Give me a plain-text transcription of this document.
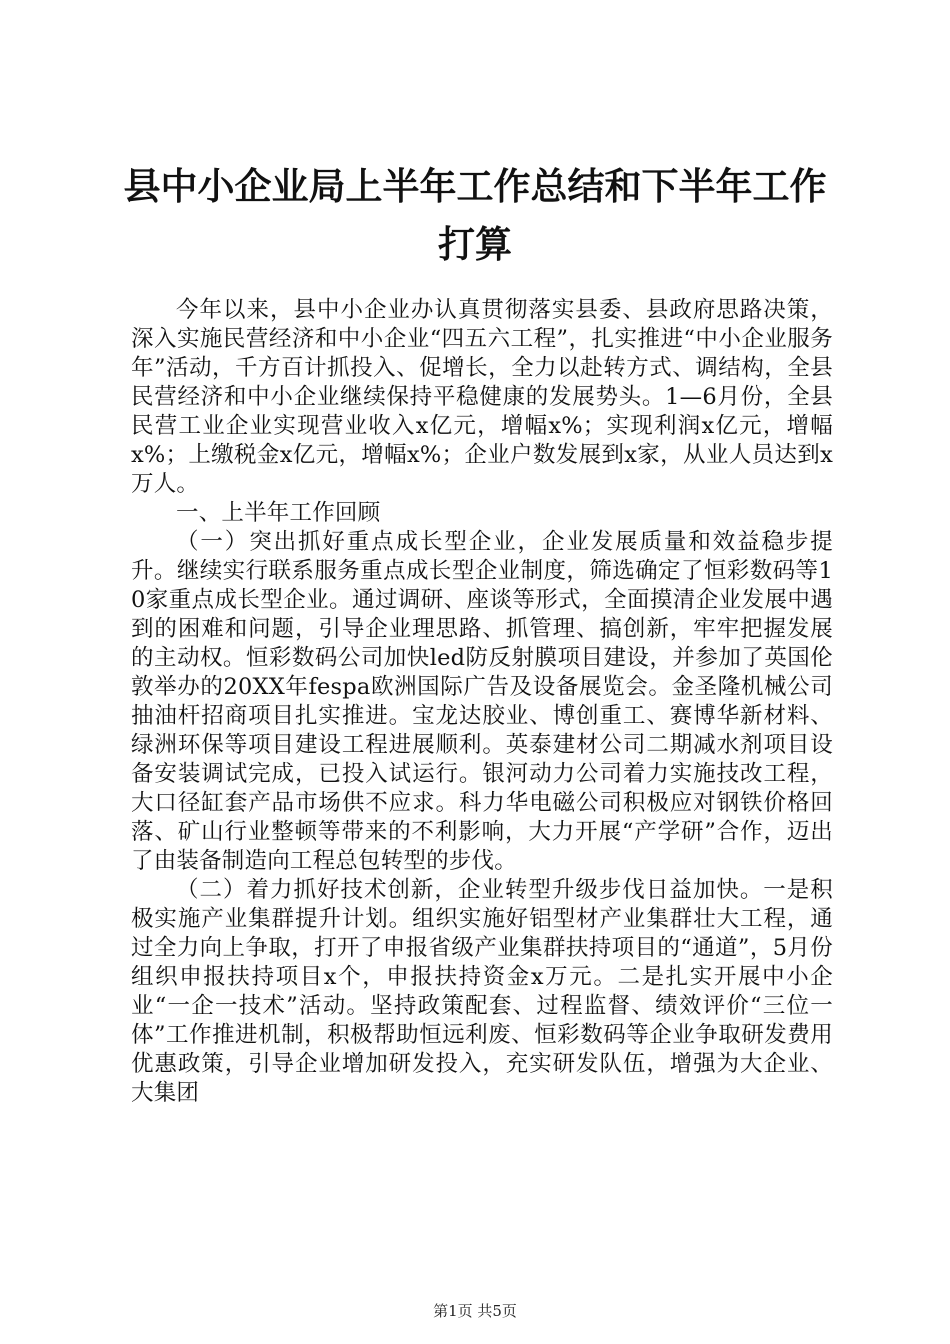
县中小企业局上半年工作总结和下半年工作打算

今年以来，县中小企业办认真贯彻落实县委、县政府思路决策，深入实施民营经济和中小企业“四五六工程”，扎实推进“中小企业服务年”活动，千方百计抓投入、促增长，全力以赴转方式、调结构，全县民营经济和中小企业继续保持平稳健康的发展势头。1—6月份，全县民营工业企业实现营业收入x亿元，增幅x%；实现利润x亿元，增幅x%；上缴税金x亿元，增幅x%；企业户数发展到x家，从业人员达到x万人。

一、上半年工作回顾

（一）突出抓好重点成长型企业，企业发展质量和效益稳步提升。继续实行联系服务重点成长型企业制度，筛选确定了恒彩数码等10家重点成长型企业。通过调研、座谈等形式，全面摸清企业发展中遇到的困难和问题，引导企业理思路、抓管理、搞创新，牢牢把握发展的主动权。恒彩数码公司加快led防反射膜项目建设，并参加了英国伦敦举办的20XX年fespa欧洲国际广告及设备展览会。金圣隆机械公司抽油杆招商项目扎实推进。宝龙达胶业、博创重工、赛博华新材料、绿洲环保等项目建设工程进展顺利。英泰建材公司二期减水剂项目设备安装调试完成，已投入试运行。银河动力公司着力实施技改工程，大口径缸套产品市场供不应求。科力华电磁公司积极应对钢铁价格回落、矿山行业整顿等带来的不利影响，大力开展“产学研”合作，迈出了由装备制造向工程总包转型的步伐。

（二）着力抓好技术创新，企业转型升级步伐日益加快。一是积极实施产业集群提升计划。组织实施好铝型材产业集群壮大工程，通过全力向上争取，打开了申报省级产业集群扶持项目的“通道”，5月份组织申报扶持项目x个，申报扶持资金x万元。二是扎实开展中小企业“一企一技术”活动。坚持政策配套、过程监督、绩效评价“三位一体”工作推进机制，积极帮助恒远利废、恒彩数码等企业争取研发费用优惠政策，引导企业增加研发投入，充实研发队伍，增强为大企业、大集团

第1页 共5页
